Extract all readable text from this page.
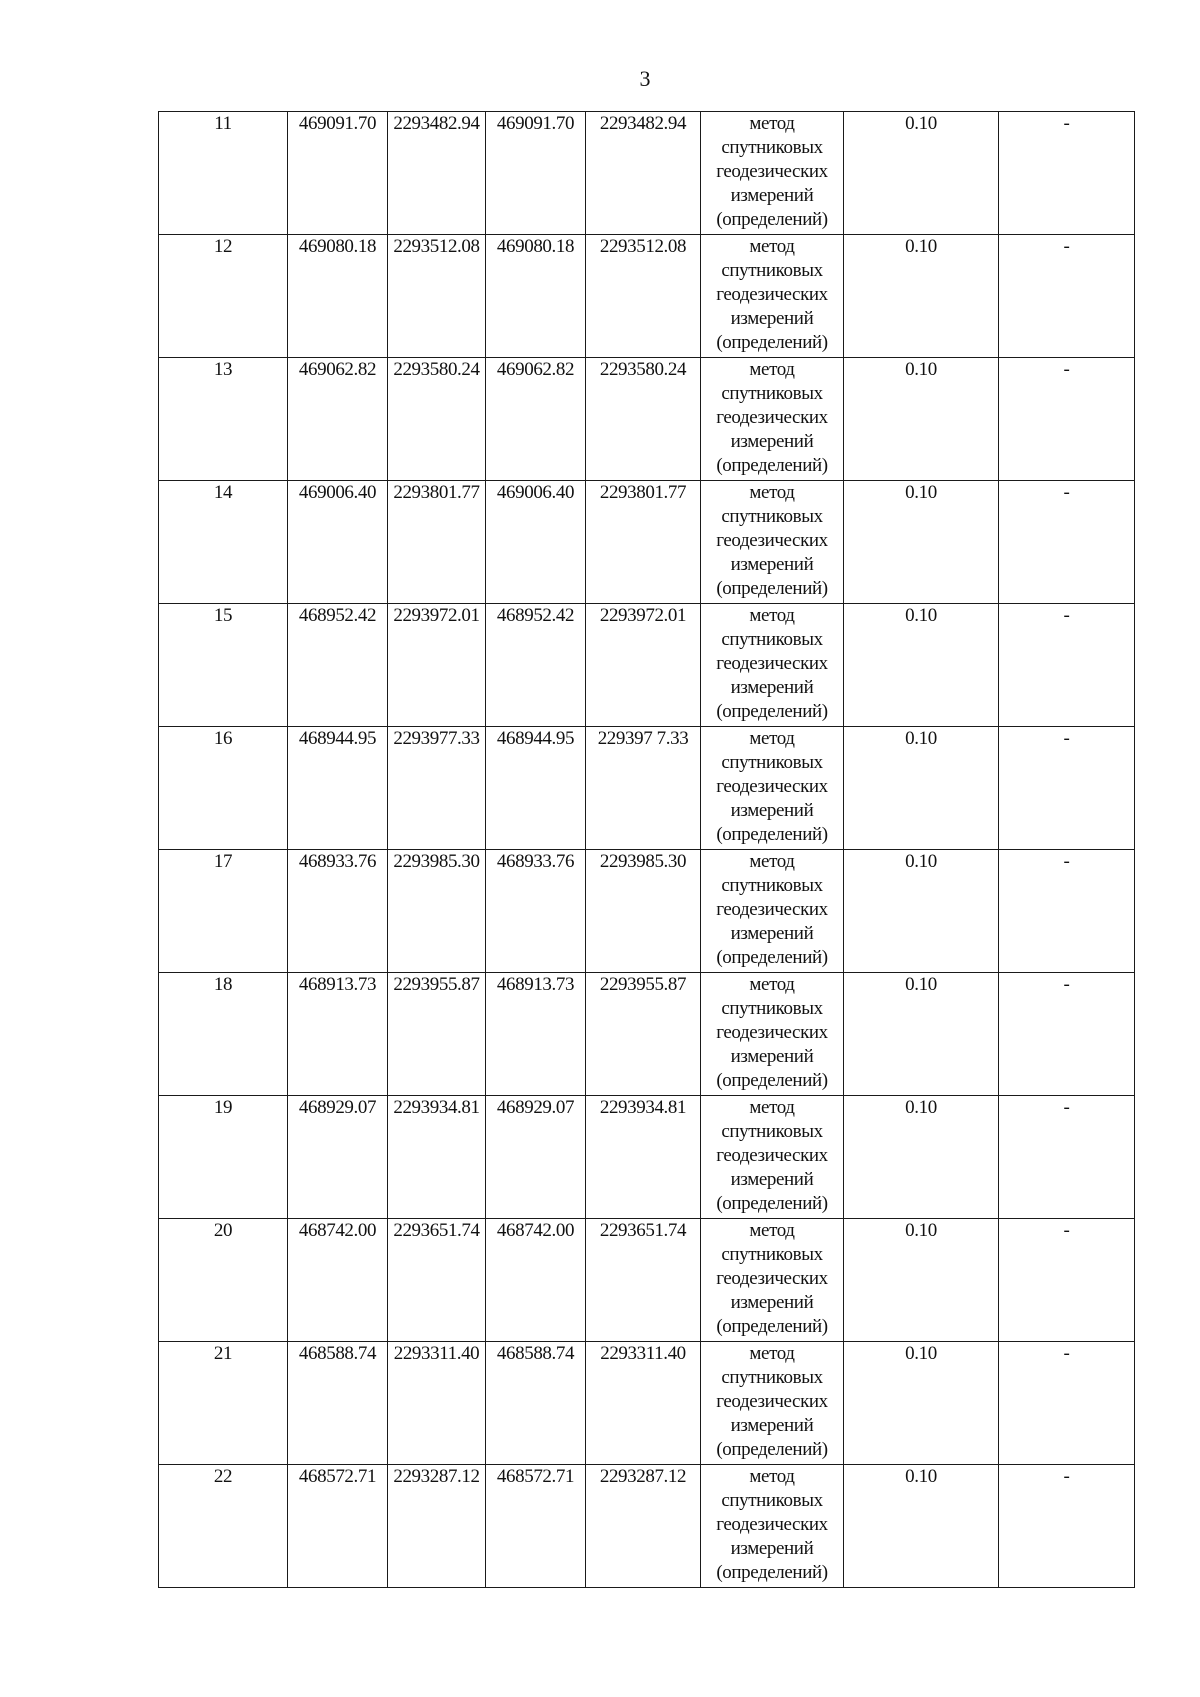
3
11	469091.70	2293482.94	469091.70	2293482.94	метод
спутниковых
геодезических
измерений
(определений)	0.10	-
12	469080.18	2293512.08	469080.18	2293512.08	метод
спутниковых
геодезических
измерений
(определений)	0.10	-
13	469062.82	2293580.24	469062.82	2293580.24	метод
спутниковых
геодезических
измерений
(определений)	0.10	-
14	469006.40	2293801.77	469006.40	2293801.77	метод
спутниковых
геодезических
измерений
(определений)	0.10	-
15	468952.42	2293972.01	468952.42	2293972.01	метод
спутниковых
геодезических
измерений
(определений)	0.10	-
16	468944.95	2293977.33	468944.95	229397 7.33	метод
спутниковых
геодезических
измерений
(определений)	0.10	-
17	468933.76	2293985.30	468933.76	2293985.30	метод
спутниковых
геодезических
измерений
(определений)	0.10	-
18	468913.73	2293955.87	468913.73	2293955.87	метод
спутниковых
геодезических
измерений
(определений)	0.10	-
19	468929.07	2293934.81	468929.07	2293934.81	метод
спутниковых
геодезических
измерений
(определений)	0.10	-
20	468742.00	2293651.74	468742.00	2293651.74	метод
спутниковых
геодезических
измерений
(определений)	0.10	-
21	468588.74	2293311.40	468588.74	2293311.40	метод
спутниковых
геодезических
измерений
(определений)	0.10	-
22	468572.71	2293287.12	468572.71	2293287.12	метод
спутниковых
геодезических
измерений
(определений)	0.10	-
